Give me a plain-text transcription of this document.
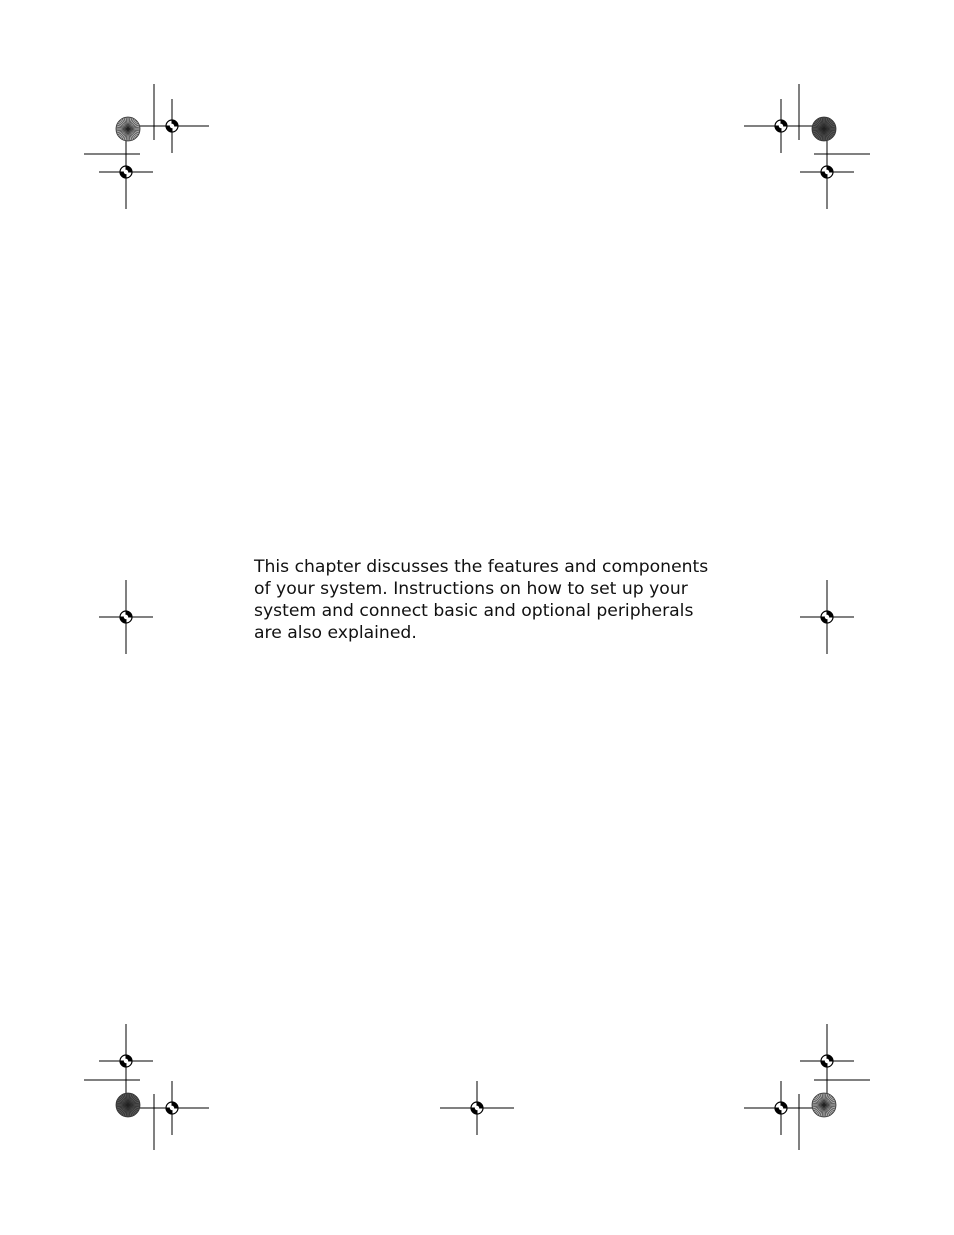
This chapter discusses the features and components of your system. Instructions on how to set up your system and connect basic and optional peripherals are also explained.
